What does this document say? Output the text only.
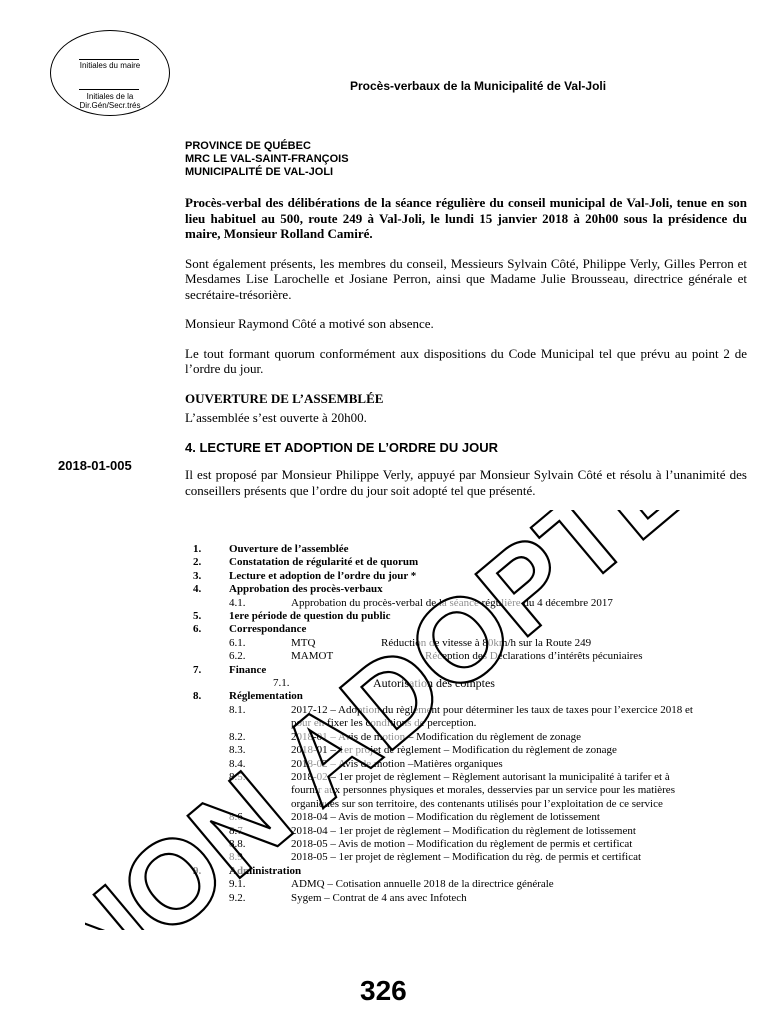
Initiales du maire
Initiales de la
Dir.Gén/Secr.trés
Procès-verbaux de la Municipalité de Val-Joli
PROVINCE DE QUÉBEC
MRC LE VAL-SAINT-FRANÇOIS
MUNICIPALITÉ DE VAL-JOLI

Procès-verbal des délibérations de la séance régulière du conseil municipal de Val-Joli, tenue en son lieu habituel au 500, route 249 à Val-Joli, le lundi 15 janvier 2018 à 20h00 sous la présidence du maire, Monsieur Rolland Camiré.

Sont également présents, les membres du conseil, Messieurs Sylvain Côté, Philippe Verly, Gilles Perron et Mesdames Lise Larochelle et Josiane Perron, ainsi que Madame Julie Brousseau, directrice générale et secrétaire-trésorière.

Monsieur Raymond Côté a motivé son absence.

Le tout formant quorum conformément aux dispositions du Code Municipal tel que prévu au point 2 de l’ordre du jour.

OUVERTURE DE L’ASSEMBLÉE

L’assemblée s’est ouverte à 20h00.

4. LECTURE ET ADOPTION DE L’ORDRE DU JOUR

Il est proposé par Monsieur Philippe Verly, appuyé par Monsieur Sylvain Côté et résolu à l’unanimité des conseillers présents que l’ordre du jour soit adopté tel que présenté.

2018-01-005
1.	Ouverture de l’assemblée
2.	Constatation de régularité et de quorum
3.	Lecture et adoption de l’ordre du jour *
4.	Approbation des procès-verbaux
4.1.	Approbation du procès-verbal de la séance régulière du 4 décembre 2017
5.	1ere période de question du public
6.	Correspondance
6.1.	MTQ	Réduction de vitesse à 80km/h sur la Route 249
6.2.	MAMOT	Réception des Déclarations d’intérêts pécuniaires
7.	Finance
7.1.	Autorisation des comptes
8.	Réglementation
8.1.	2017-12 – Adoption du règlement pour déterminer les taux de taxes pour l’exercice 2018 et pour en fixer les conditions de perception.
8.2.	2018-01 – Avis de motion – Modification du règlement de zonage
8.3.	2018-01 – 1er projet de règlement – Modification du règlement de zonage
8.4.	2018-02 – Avis de motion –Matières organiques
8.5.	2018-02 – 1er projet de règlement – Règlement autorisant la municipalité à tarifer et à fournir aux personnes physiques et morales, desservies par un service pour les matières organiques sur son territoire, des contenants utilisés pour l’exploitation de ce service
8.6.	2018-04 – Avis de motion – Modification du règlement de lotissement
8.7.	2018-04 – 1er projet de règlement – Modification du règlement de lotissement
8.8.	2018-05 – Avis de motion – Modification du règlement de permis et certificat
8.9.	2018-05 – 1er projet de règlement – Modification du règ. de permis et certificat
9.	Administration
9.1.	ADMQ – Cotisation annuelle 2018 de la directrice générale
9.2.	Sygem – Contrat de 4 ans avec Infotech
326
NON ADOPTÉ
